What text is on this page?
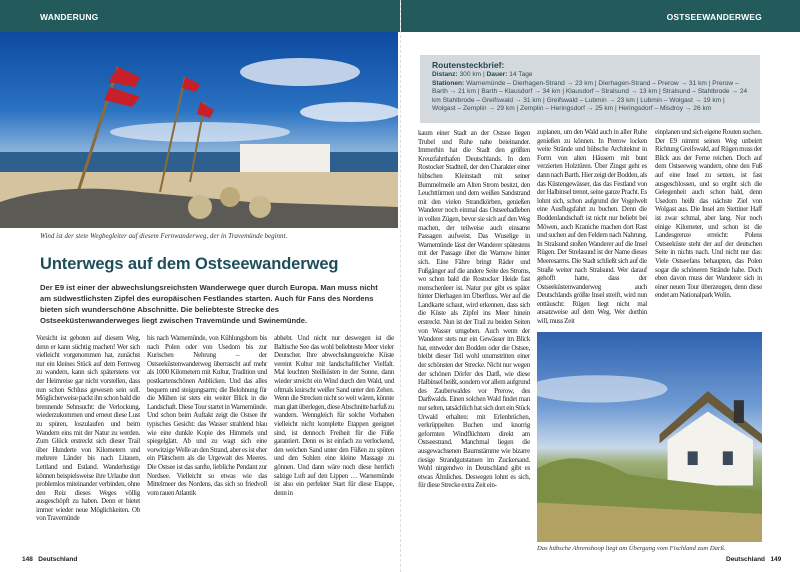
WANDERUNG
Wind ist der stete Wegbegleiter auf diesem Fernwanderweg, der in Travemünde beginnt.
Unterwegs auf dem Ostseewanderweg
Der E9 ist einer der abwechslungsreichsten Wanderwege quer durch Europa. Man muss nicht am südwestlichsten Zipfel des europäischen Festlandes starten. Auch für Fans des Nordens bieten sich wunderschöne Abschnitte. Die beliebteste Strecke des Ostseeküstenwanderweges liegt zwischen Travemünde und Swinemünde.
Vorsicht ist geboten auf diesem Weg, denn er kann süchtig machen! Wer sich vielleicht vorgenommen hat, zunächst nur ein kleines Stück auf dem Fernweg zu wandern, kann sich späterstens vor der Heimreise gar nicht vorstellen, dass nun schon Schluss gewesen sein soll. Möglicherweise packt ihn schon bald die brennende Sehnsucht: die Verlockung, wiederzukommen und erneut diese Lust zu spüren, loszulaufen und beim Wandern eins mit der Natur zu werden. Zum Glück erstreckt sich dieser Trail über Hunderte von Kilometern und mehrere Länder bis nach Litauen, Lettland und Estland. Wanderlustige können beispielsweise ihre Urlaube dort problemlos miteinander verbinden, ohne den Reiz dieses Weges völlig ausgeschöpft zu haben. Denn er bietet immer wieder neue Möglichkeiten. Ob von Travemünde
bis nach Warnemünde, von Kühlungsborn bis nach Polen oder von Usedom bis zur Kurischen Nehrung – der Ostseeküstenwanderweg überrascht auf mehr als 1000 Kilometern mit Kultur, Tradition und postkartenschönen Anblicken. Und das alles bequem und steigungsarm; die Belohnung für die Mühen ist stets ein weiter Blick in die Landschaft. Diese Tour startet in Warnemünde. Und schon beim Auftakt zeigt die Ostsee ihr typisches Gesicht: das Wasser strahlend blau wie eine dunkle Kopie des Himmels und spiegelglatt. Ab und zu wagt sich eine vorwitzige Welle an den Strand, aber es ist eher ein Plätschern als die Urgewalt des Meeres. Die Ostsee ist das sanfte, liebliche Pendant zur Nordsee. Vielleicht so etwas wie das Mittelmeer des Nordens, das sich so friedvoll vom rauen Atlantik
abhebt. Und nicht nur deswegen ist die Baltische See das wohl beliebteste Meer vieler Deutscher. Ihre abwechslungsreiche Küste vereint Kultur mit landschaftlicher Vielfalt. Mal leuchten Steilküsten in der Sonne, dann wieder streicht ein Wind durch den Wald, und oftmals knirscht weißer Sand unter den Zehen. Wenn die Strecken nicht so weit wären, könnte man glatt überlegen, diese Abschnitte barfuß zu wandern. Wenngleich für solche Vorhaben vielleicht nicht komplette Etappen geeignet sind, ist dennoch Freiheit für die Füße garantiert. Denn es ist einfach zu verlockend, den weichen Sand unter den Füßen zu spüren und den Sohlen eine kleine Massage zu gönnen. Und dann wäre noch diese herrlich salzige Luft auf den Lippen … Warnemünde ist also ein perfekter Start für diese Etappe, denn in
148 Deutschland
OSTSEEWANDERWEG
Routensteckbrief:
Distanz: 300 km | Dauer: 14 Tage
Stationen: Warnemünde – Dierhagen-Strand → 23 km | Dierhagen-Strand – Prerow → 31 km | Prerow – Barth → 21 km | Barth – Klausdorf → 34 km | Klausdorf – Stralsund → 13 km | Stralsund – Stahlbrode → 24 km Stahlbrode – Greifswald → 31 km | Greifswald – Lubmin → 23 km | Lubmin – Wolgast → 19 km | Wolgast – Zemplin → 29 km | Zemplin – Heringsdorf → 25 km | Heringsdorf – Misdroy → 26 km
kaum einer Stadt an der Ostsee liegen Trubel und Ruhe nahe beieinander. Immerhin hat die Stadt den größten Kreuzfahrthafen Deutschlands. In dem Rostocker Stadtteil, der den Charakter einer hübschen Kleinstadt mit seiner Bummelmeile am Alten Strom besitzt, den Leuchttürmen und dem weißen Sandstrand mit den vielen Strandkörben, genießen Wanderer noch einmal das Ostseebadleben in vollen Zügen, bevor sie sich auf den Weg machen, der teilweise auch einsame Passagen aufweist. Das Wuselige in Warnemünde lässt der Wanderer spätestens mit der Passage über die Warnow hinter sich. Eine Fähre bringt Räder und Fußgänger auf die andere Seite des Stroms, wo schon bald die Rostocker Heide fast menschenleer ist. Natur pur gibt es später hinter Dierhagen im Überfluss. Wer auf die Landkarte schaut, wird erkennen, dass sich die Küste als Zipfel ins Meer hinein erstreckt. Nun ist der Trail zu beiden Seiten von Wasser umgeben. Auch wenn der Wanderer stets nur ein Gewässer im Blick hat, entweder den Bodden oder die Ostsee, bleibt dieser Teil wohl unumstritten einer der schönsten der Strecke. Nicht nur wegen der schönen Dörfer des Darß, wie diese Halbinsel heißt, sondern vor allem aufgrund des Zauberwaldes vor Prerow, des Darßwalds. Einen solchen Wald findet man nur selten, tatsächlich hat sich dort ein Stück Urwald erhalten: mit Erlenbrüchen, verkrüppelten Buchen und knorrig geformten Windflüchtern direkt am Ostseestrand. Manchmal liegen die ausgewachsenen Baumstämme wie bizarre riesige Strandgutstatuen im Zuckersand. Wohl nirgendwo in Deutschland gibt es etwas Ähnliches. Deswegen lohnt es sich, für diese Strecke extra Zeit ein-
zuplanen, um den Wald auch in aller Ruhe genießen zu können. In Prerow locken weite Strände und hübsche Architektur in Form von alten Häusern mit bunt verzierten Holztüren. Über Zingst geht es dann nach Barth. Hier zeigt der Bodden, als das Küstengewässer, das das Festland von der Halbinsel trennt, seine ganze Pracht. Es lohnt sich, schon aufgrund der Vogelwelt eine Ausflugsfahrt zu buchen. Denn die Boddenlandschaft ist nicht nur beliebt bei Möwen, auch Kraniche machen dort Rast und suchen auf den Feldern nach Nahrung. In Stralsund stoßen Wanderer auf die Insel Rügen. Der Strelasund ist der Name dieses Meeresarms. Die Stadt schließt sich auf die Straße weiter nach Stralsund. Wer darauf gehofft hatte, dass der Ostseeküstenwanderweg auch Deutschlands größte Insel streift, wird nun enttäuscht: Rügen liegt nicht mal ansatzweise auf dem Weg. Wer dorthin will, muss Zeit
einplanen und sich eigene Routen suchen. Der E9 nimmt seinen Weg unbeirrt Richtung Greifswald, auf Rügen muss der Blick aus der Ferne reichen. Doch auf dem Ostseeweg wandern, ohne den Fuß auf eine Insel zu setzen, ist fast ausgeschlossen, und so ergibt sich die Gelegenheit auch schon bald, denn Usedom heißt das nächste Ziel von Wolgast aus. Die Insel am Stettiner Haff ist zwar schmal, aber lang. Nur noch einige Kilometer, und schon ist die Landesgrenze erreicht: Polens Ostseeküste steht der auf der deutschen Seite in nichts nach. Und nicht nur das: Viele Ostseefans behaupten, das Polen sogar die schöneren Strände habe. Doch eben davon muss der Wanderer sich in einer neuen Tour überzeugen, denn diese endet am Nationalpark Wolin.
Das hübsche Ahrenshoop liegt am Übergang vom Fischland zum Darß.
Deutschland 149
